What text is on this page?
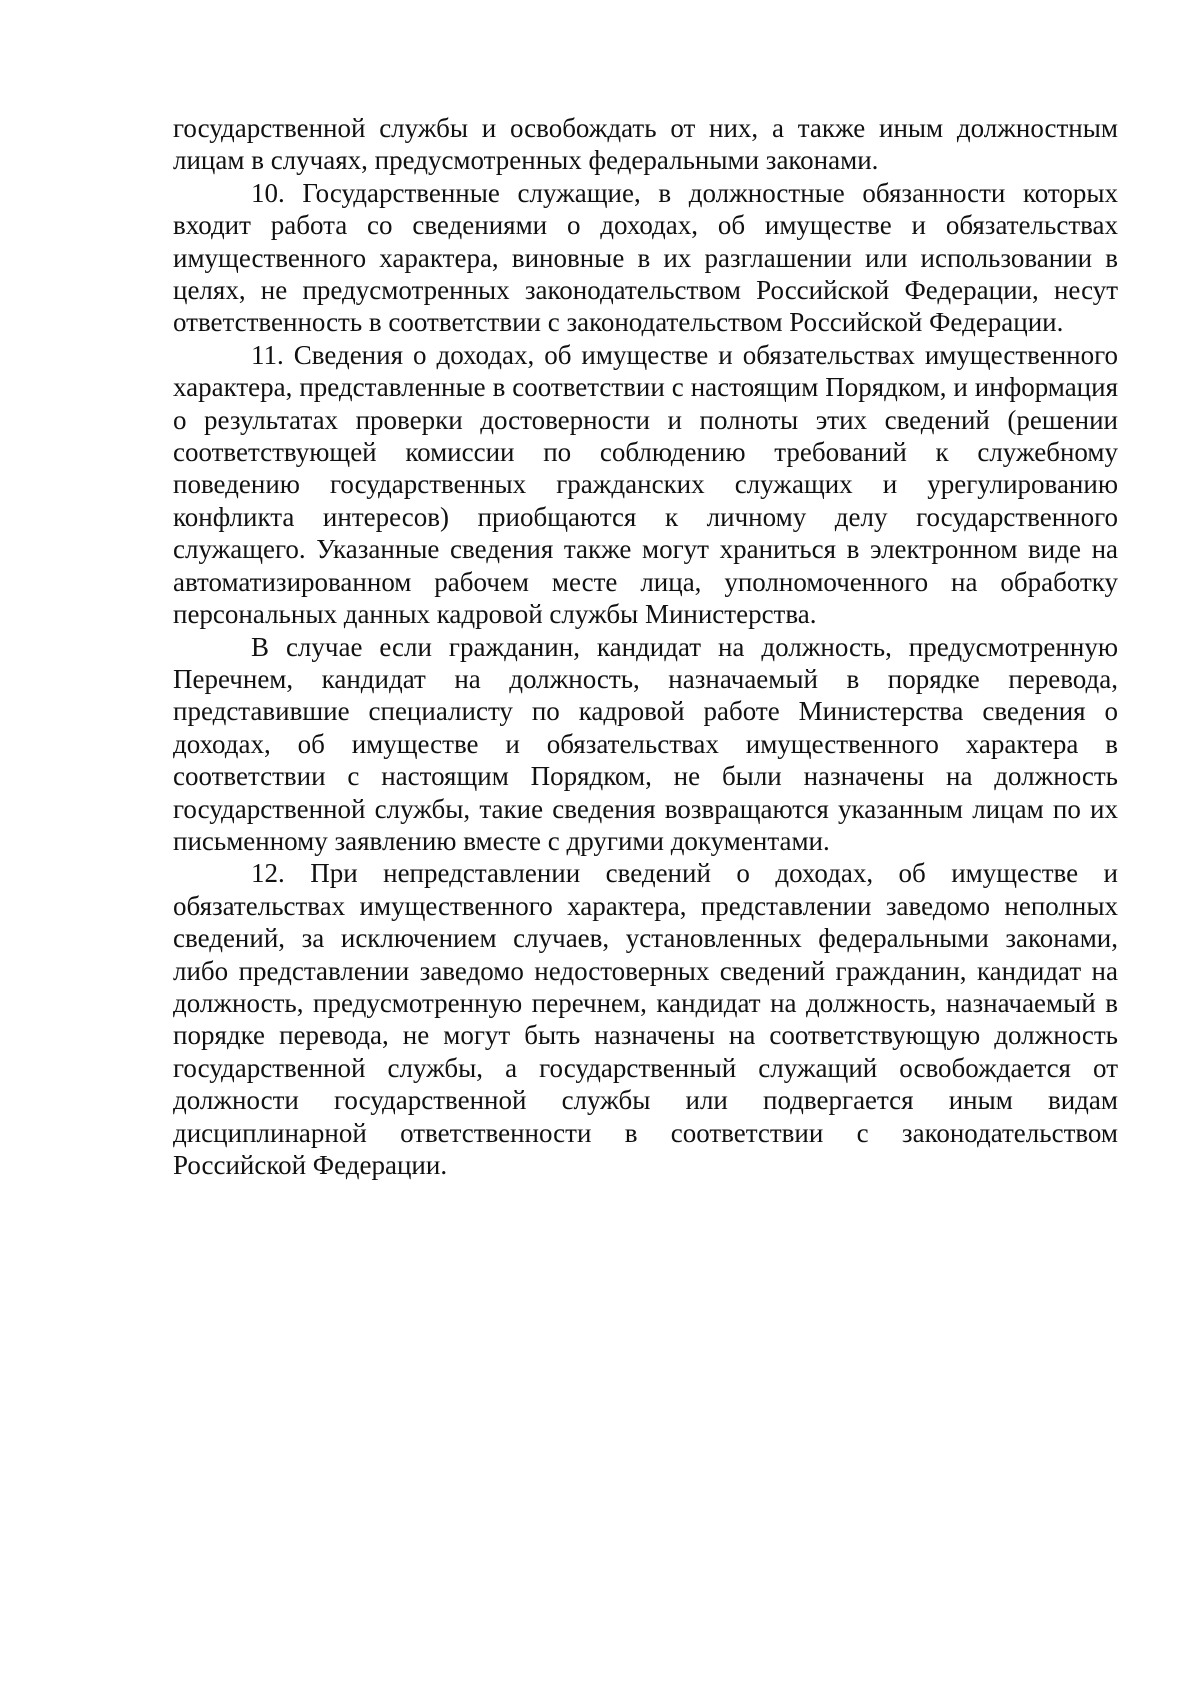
государственной службы и освобождать от них, а также иным должностным лицам в случаях, предусмотренных федеральными законами.

10. Государственные служащие, в должностные обязанности которых входит работа со сведениями о доходах, об имуществе и обязательствах имущественного характера, виновные в их разглашении или использовании в целях, не предусмотренных законодательством Российской Федерации, несут ответственность в соответствии с законодательством Российской Федерации.

11. Сведения о доходах, об имуществе и обязательствах имущественного характера, представленные в соответствии с настоящим Порядком, и информация о результатах проверки достоверности и полноты этих сведений (решении соответствующей комиссии по соблюдению требований к служебному поведению государственных гражданских служащих и урегулированию конфликта интересов) приобщаются к личному делу государственного служащего. Указанные сведения также могут храниться в электронном виде на автоматизированном рабочем месте лица, уполномоченного на обработку персональных данных кадровой службы Министерства.

В случае если гражданин, кандидат на должность, предусмотренную Перечнем, кандидат на должность, назначаемый в порядке перевода, представившие специалисту по кадровой работе Министерства сведения о доходах, об имуществе и обязательствах имущественного характера в соответствии с настоящим Порядком, не были назначены на должность государственной службы, такие сведения возвращаются указанным лицам по их письменному заявлению вместе с другими документами.

12. При непредставлении сведений о доходах, об имуществе и обязательствах имущественного характера, представлении заведомо неполных сведений, за исключением случаев, установленных федеральными законами, либо представлении заведомо недостоверных сведений гражданин, кандидат на должность, предусмотренную перечнем, кандидат на должность, назначаемый в порядке перевода, не могут быть назначены на соответствующую должность государственной службы, а государственный служащий освобождается от должности государственной службы или подвергается иным видам дисциплинарной ответственности в соответствии с законодательством Российской Федерации.
